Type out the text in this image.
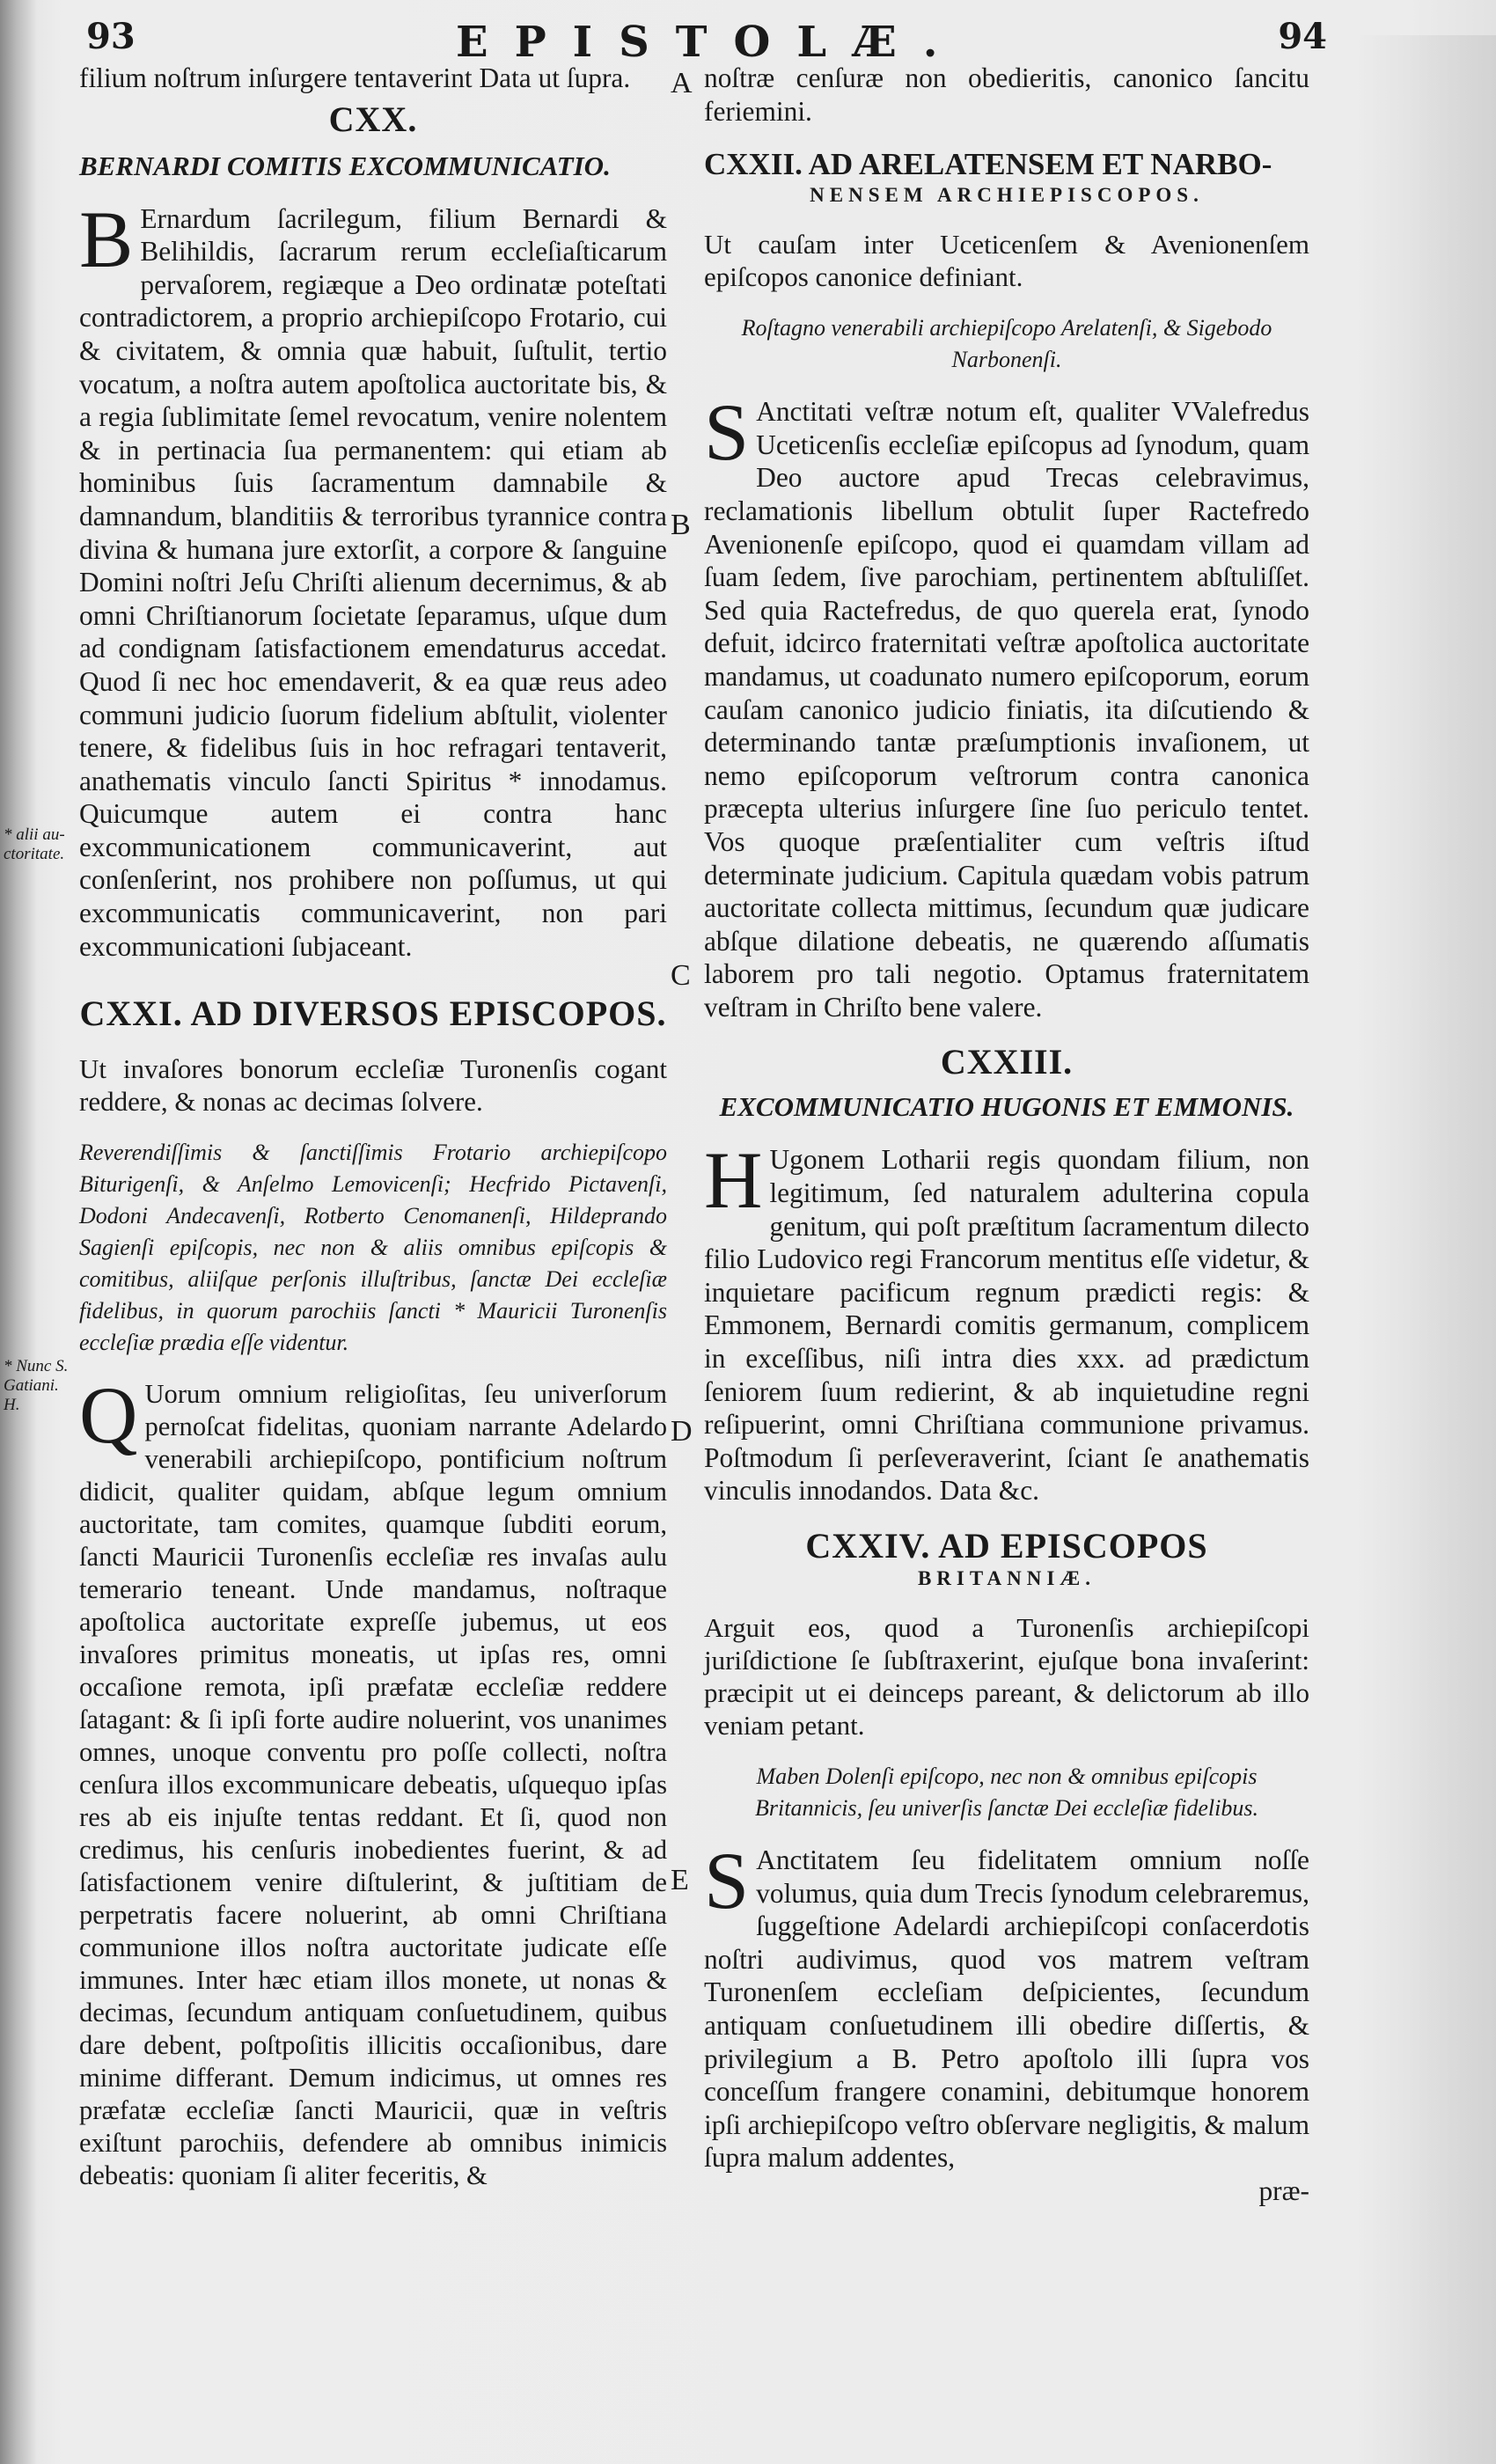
93	EPISTOLÆ.	94

filium noſtrum inſurgere tentaverint Data ut ſupra.

CXX.
BERNARDI COMITIS EXCOMMUNICATIO.

B Ernardum ſacrilegum, filium Bernardi & Belihildis, ſacrarum rerum eccleſiaſticarum pervaſorem, regiæque a Deo ordinatæ poteſtati contradictorem, a proprio archiepiſcopo Frotario, cui & civitatem, & omnia quæ habuit, ſuſtulit, tertio vocatum, a noſtra autem apoſtolica auctoritate bis, & a regia ſublimitate ſemel revocatum, venire nolentem & in pertinacia ſua permanentem: qui etiam ab hominibus ſuis ſacramentum damnabile & damnandum, blanditiis & terroribus tyrannice contra divina & humana jure extorſit, a corpore & ſanguine Domini noſtri Jeſu Chriſti alienum decernimus, & ab omni Chriſtianorum ſocietate ſeparamus, uſque dum ad condignam ſatisfactionem emendaturus accedat. Quod ſi nec hoc emendaverit, & ea quæ reus adeo communi judicio ſuorum fidelium abſtulit, violenter tenere, & fidelibus ſuis in hoc refragari tentaverit, anathematis vinculo ſancti Spiritus * innodamus. Quicumque autem ei contra hanc excommunicationem communicaverint, aut conſenſerint, nos prohibere non poſſumus, ut qui excommunicatis communicaverint, non pari excommunicationi ſubjaceant.

CXXI. AD DIVERSOS EPISCOPOS.

Ut invaſores bonorum eccleſiæ Turonenſis cogant reddere, & nonas ac decimas ſolvere.

Reverendiſſimis & ſanctiſſimis Frotario archiepiſcopo Biturigenſi, & Anſelmo Lemovicenſi; Hecfrido Pictavenſi, Dodoni Andecavenſi, Rotberto Cenomanenſi, Hildeprando Sagienſi epiſcopis, nec non & aliis omnibus epiſcopis & comitibus, aliiſque perſonis illuſtribus, ſanctæ Dei eccleſiæ fidelibus, in quorum parochiis ſancti * Mauricii Turonenſis eccleſiæ prædia eſſe videntur.

Q Uorum omnium religioſitas, ſeu univerſorum pernoſcat fidelitas, quoniam narrante Adelardo venerabili archiepiſcopo, pontificium noſtrum didicit, qualiter quidam, abſque legum omnium auctoritate, tam comites, quamque ſubditi eorum, ſancti Mauricii Turonenſis eccleſiæ res invaſas aulu temerario teneant. Unde mandamus, noſtraque apoſtolica auctoritate expreſſe jubemus, ut eos invaſores primitus moneatis, ut ipſas res, omni occaſione remota, ipſi præfatæ eccleſiæ reddere ſatagant: & ſi ipſi forte audire noluerint, vos unanimes omnes, unoque conventu pro poſſe collecti, noſtra cenſura illos excommunicare debeatis, uſquequo ipſas res ab eis injuſte tentas reddant. Et ſi, quod non credimus, his cenſuris inobedientes fuerint, & ad ſatisfactionem venire diſtulerint, & juſtitiam de perpetratis facere noluerint, ab omni Chriſtiana communione illos noſtra auctoritate judicate eſſe immunes. Inter hæc etiam illos monete, ut nonas & decimas, ſecundum antiquam conſuetudinem, quibus dare debent, poſtpoſitis illicitis occaſionibus, dare minime differant. Demum indicimus, ut omnes res præfatæ eccleſiæ ſancti Mauricii, quæ in veſtris exiſtunt parochiis, defendere ab omnibus inimicis debeatis: quoniam ſi aliter feceritis, &

noſtræ cenſuræ non obedieritis, canonico ſancitu feriemini.

CXXII. AD ARELATENSEM ET NARBO-
NENSEM ARCHIEPISCOPOS.

Ut cauſam inter Uceticenſem & Avenionenſem epiſcopos canonice definiant.

Roſtagno venerabili archiepiſcopo Arelatenſi, & Sigebodo Narbonenſi.

S Anctitati veſtræ notum eſt, qualiter VValefredus Uceticenſis eccleſiæ epiſcopus ad ſynodum, quam Deo auctore apud Trecas celebravimus, reclamationis libellum obtulit ſuper Ractefredo Avenionenſe epiſcopo, quod ei quamdam villam ad ſuam ſedem, ſive parochiam, pertinentem abſtuliſſet. Sed quia Ractefredus, de quo querela erat, ſynodo defuit, idcirco fraternitati veſtræ apoſtolica auctoritate mandamus, ut coadunato numero epiſcoporum, eorum cauſam canonico judicio finiatis, ita diſcutiendo & determinando tantæ præſumptionis invaſionem, ut nemo epiſcoporum veſtrorum contra canonica præcepta ulterius inſurgere ſine ſuo periculo tentet. Vos quoque præſentialiter cum veſtris iſtud determinate judicium. Capitula quædam vobis patrum auctoritate collecta mittimus, ſecundum quæ judicare abſque dilatione debeatis, ne quærendo aſſumatis laborem pro tali negotio. Optamus fraternitatem veſtram in Chriſto bene valere.

CXXIII.
EXCOMMUNICATIO HUGONIS ET EMMONIS.

H Ugonem Lotharii regis quondam filium, non legitimum, ſed naturalem adulterina copula genitum, qui poſt præſtitum ſacramentum dilecto filio Ludovico regi Francorum mentitus eſſe videtur, & inquietare pacificum regnum prædicti regis: & Emmonem, Bernardi comitis germanum, complicem in exceſſibus, niſi intra dies xxx. ad prædictum ſeniorem ſuum redierint, & ab inquietudine regni reſipuerint, omni Chriſtiana communione privamus. Poſtmodum ſi perſeveraverint, ſciant ſe anathematis vinculis innodandos. Data &c.

CXXIV. AD EPISCOPOS
BRITANNIÆ.

Arguit eos, quod a Turonenſis archiepiſcopi juriſdictione ſe ſubſtraxerint, ejuſque bona invaſerint: præcipit ut ei deinceps pareant, & delictorum ab illo veniam petant.

Maben Dolenſi epiſcopo, nec non & omnibus epiſcopis Britannicis, ſeu univerſis ſanctæ Dei eccleſiæ fidelibus.

S Anctitatem ſeu fidelitatem omnium noſſe volumus, quia dum Trecis ſynodum celebraremus, ſuggeſtione Adelardi archiepiſcopi conſacerdotis noſtri audivimus, quod vos matrem veſtram Turonenſem eccleſiam deſpicientes, ſecundum antiquam conſuetudinem illi obedire diſſertis, & privilegium a B. Petro apoſtolo illi ſupra vos conceſſum frangere conamini, debitumque honorem ipſi archiepiſcopo veſtro obſervare negligitis, & malum ſupra malum addentes,

præ-

A
B
C
D
E
* alii au- ctoritate.
* Nunc S. Gatiani. H.
